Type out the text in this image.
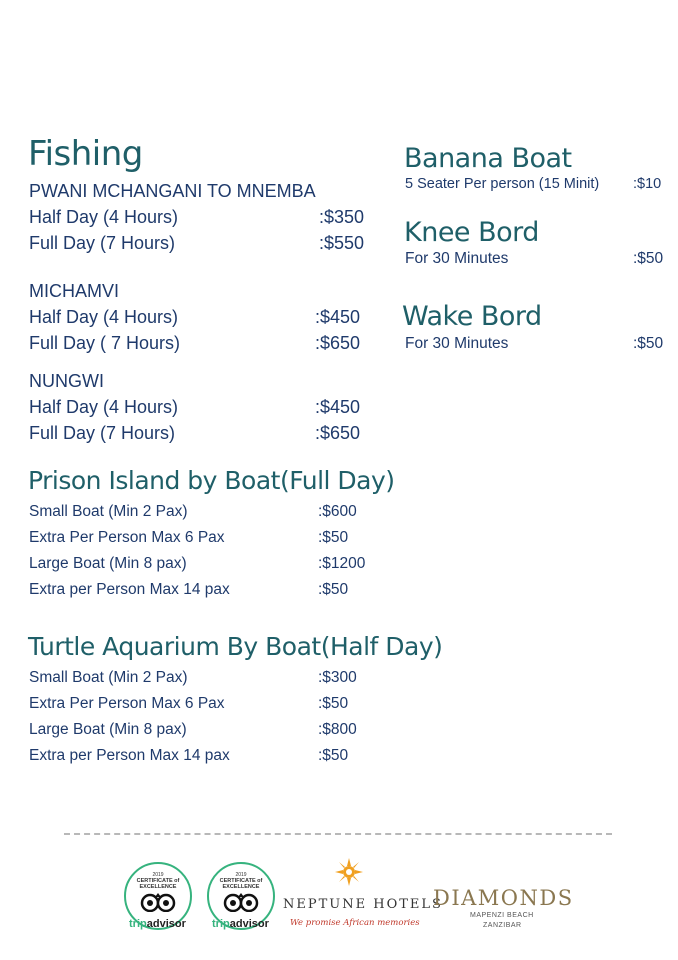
Fishing
PWANI MCHANGANI TO MNEMBA
Half Day (4 Hours)	:$350
Full Day (7 Hours)	:$550
MICHAMVI
Half Day (4 Hours)	:$450
Full Day ( 7 Hours)	:$650
NUNGWI
Half Day (4 Hours)	:$450
Full Day (7 Hours)	:$650
Prison Island by Boat(Full Day)
Small Boat (Min 2 Pax)	:$600
Extra Per Person Max 6 Pax	:$50
Large Boat (Min 8 pax)	:$1200
Extra per Person Max 14 pax	:$50
Turtle Aquarium By Boat(Half Day)
Small Boat (Min 2 Pax)	:$300
Extra Per Person Max 6 Pax	:$50
Large Boat (Min 8 pax)	:$800
Extra per Person Max 14 pax	:$50
Banana Boat
5 Seater Per person (15 Minit) :$10
Knee Bord
For 30 Minutes	:$50
Wake Bord
For 30 Minutes	:$50
2019
CERTIFICATE of
EXCELLENCE
tripadvisor
2019
CERTIFICATE of
EXCELLENCE
tripadvisor
NEPTUNE HOTELS
We promise African memories
DIAMONDS
MAPENZI BEACH
ZANZIBAR
